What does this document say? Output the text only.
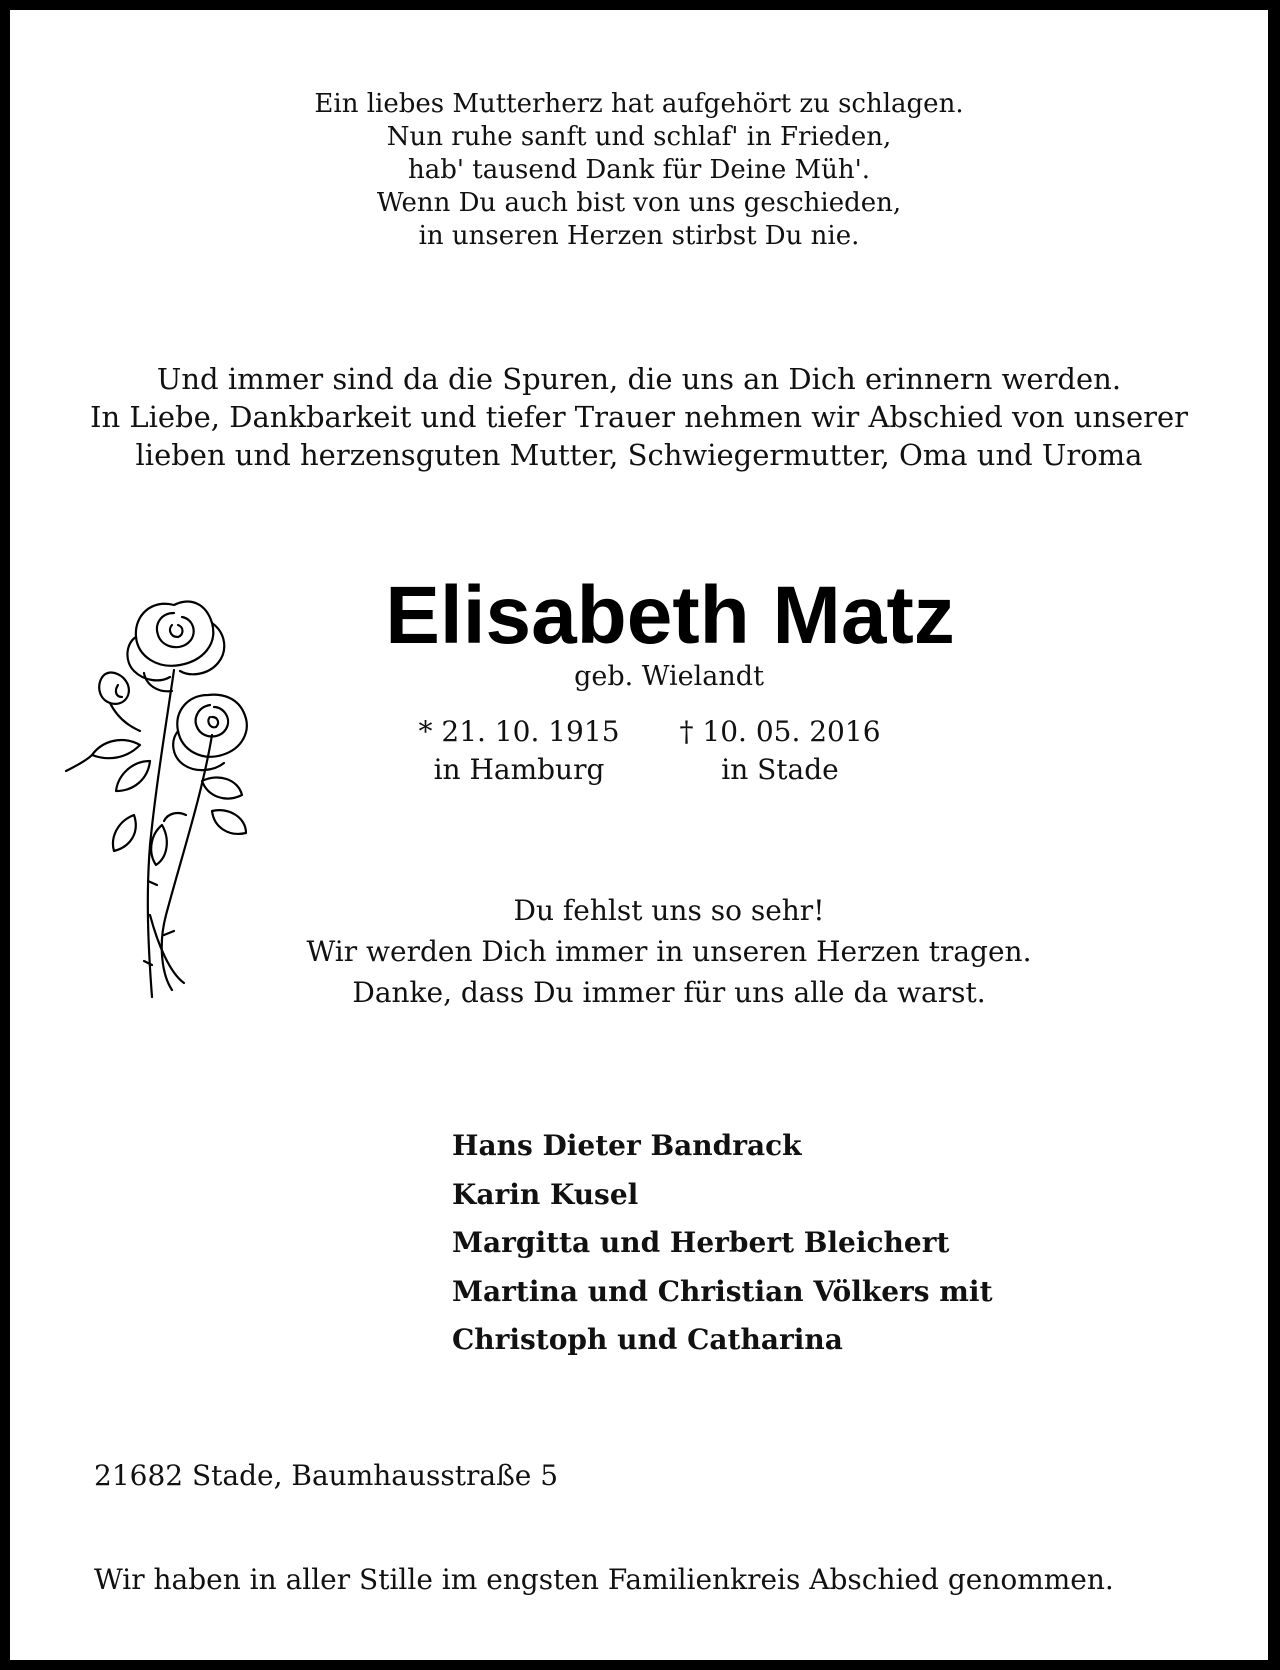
Ein liebes Mutterherz hat aufgehört zu schlagen.
Nun ruhe sanft und schlaf' in Frieden,
hab' tausend Dank für Deine Müh'.
Wenn Du auch bist von uns geschieden,
in unseren Herzen stirbst Du nie.
Und immer sind da die Spuren, die uns an Dich erinnern werden.
In Liebe, Dankbarkeit und tiefer Trauer nehmen wir Abschied von unserer
lieben und herzensguten Mutter, Schwiegermutter, Oma und Uroma
Elisabeth Matz
geb. Wielandt
* 21. 10. 1915
in Hamburg
† 10. 05. 2016
in Stade
Du fehlst uns so sehr!
Wir werden Dich immer in unseren Herzen tragen.
Danke, dass Du immer für uns alle da warst.
Hans Dieter Bandrack
Karin Kusel
Margitta und Herbert Bleichert
Martina und Christian Völkers mit
Christoph und Catharina
21682 Stade, Baumhausstraße 5
Wir haben in aller Stille im engsten Familienkreis Abschied genommen.
